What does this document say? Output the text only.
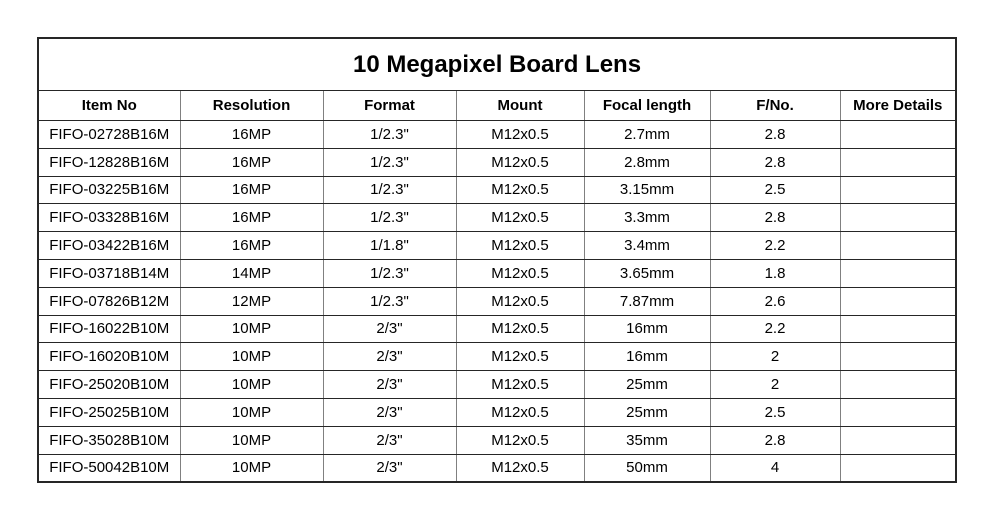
10 Megapixel Board Lens						
Item No	Resolution	Format	Mount	Focal length	F/No.	More Details
FIFO-02728B16M	16MP	1/2.3"	M12x0.5	2.7mm	2.8	
FIFO-12828B16M	16MP	1/2.3"	M12x0.5	2.8mm	2.8	
FIFO-03225B16M	16MP	1/2.3"	M12x0.5	3.15mm	2.5	
FIFO-03328B16M	16MP	1/2.3"	M12x0.5	3.3mm	2.8	
FIFO-03422B16M	16MP	1/1.8"	M12x0.5	3.4mm	2.2	
FIFO-03718B14M	14MP	1/2.3"	M12x0.5	3.65mm	1.8	
FIFO-07826B12M	12MP	1/2.3"	M12x0.5	7.87mm	2.6	
FIFO-16022B10M	10MP	2/3"	M12x0.5	16mm	2.2	
FIFO-16020B10M	10MP	2/3"	M12x0.5	16mm	2	
FIFO-25020B10M	10MP	2/3"	M12x0.5	25mm	2	
FIFO-25025B10M	10MP	2/3"	M12x0.5	25mm	2.5	
FIFO-35028B10M	10MP	2/3"	M12x0.5	35mm	2.8	
FIFO-50042B10M	10MP	2/3"	M12x0.5	50mm	4	
